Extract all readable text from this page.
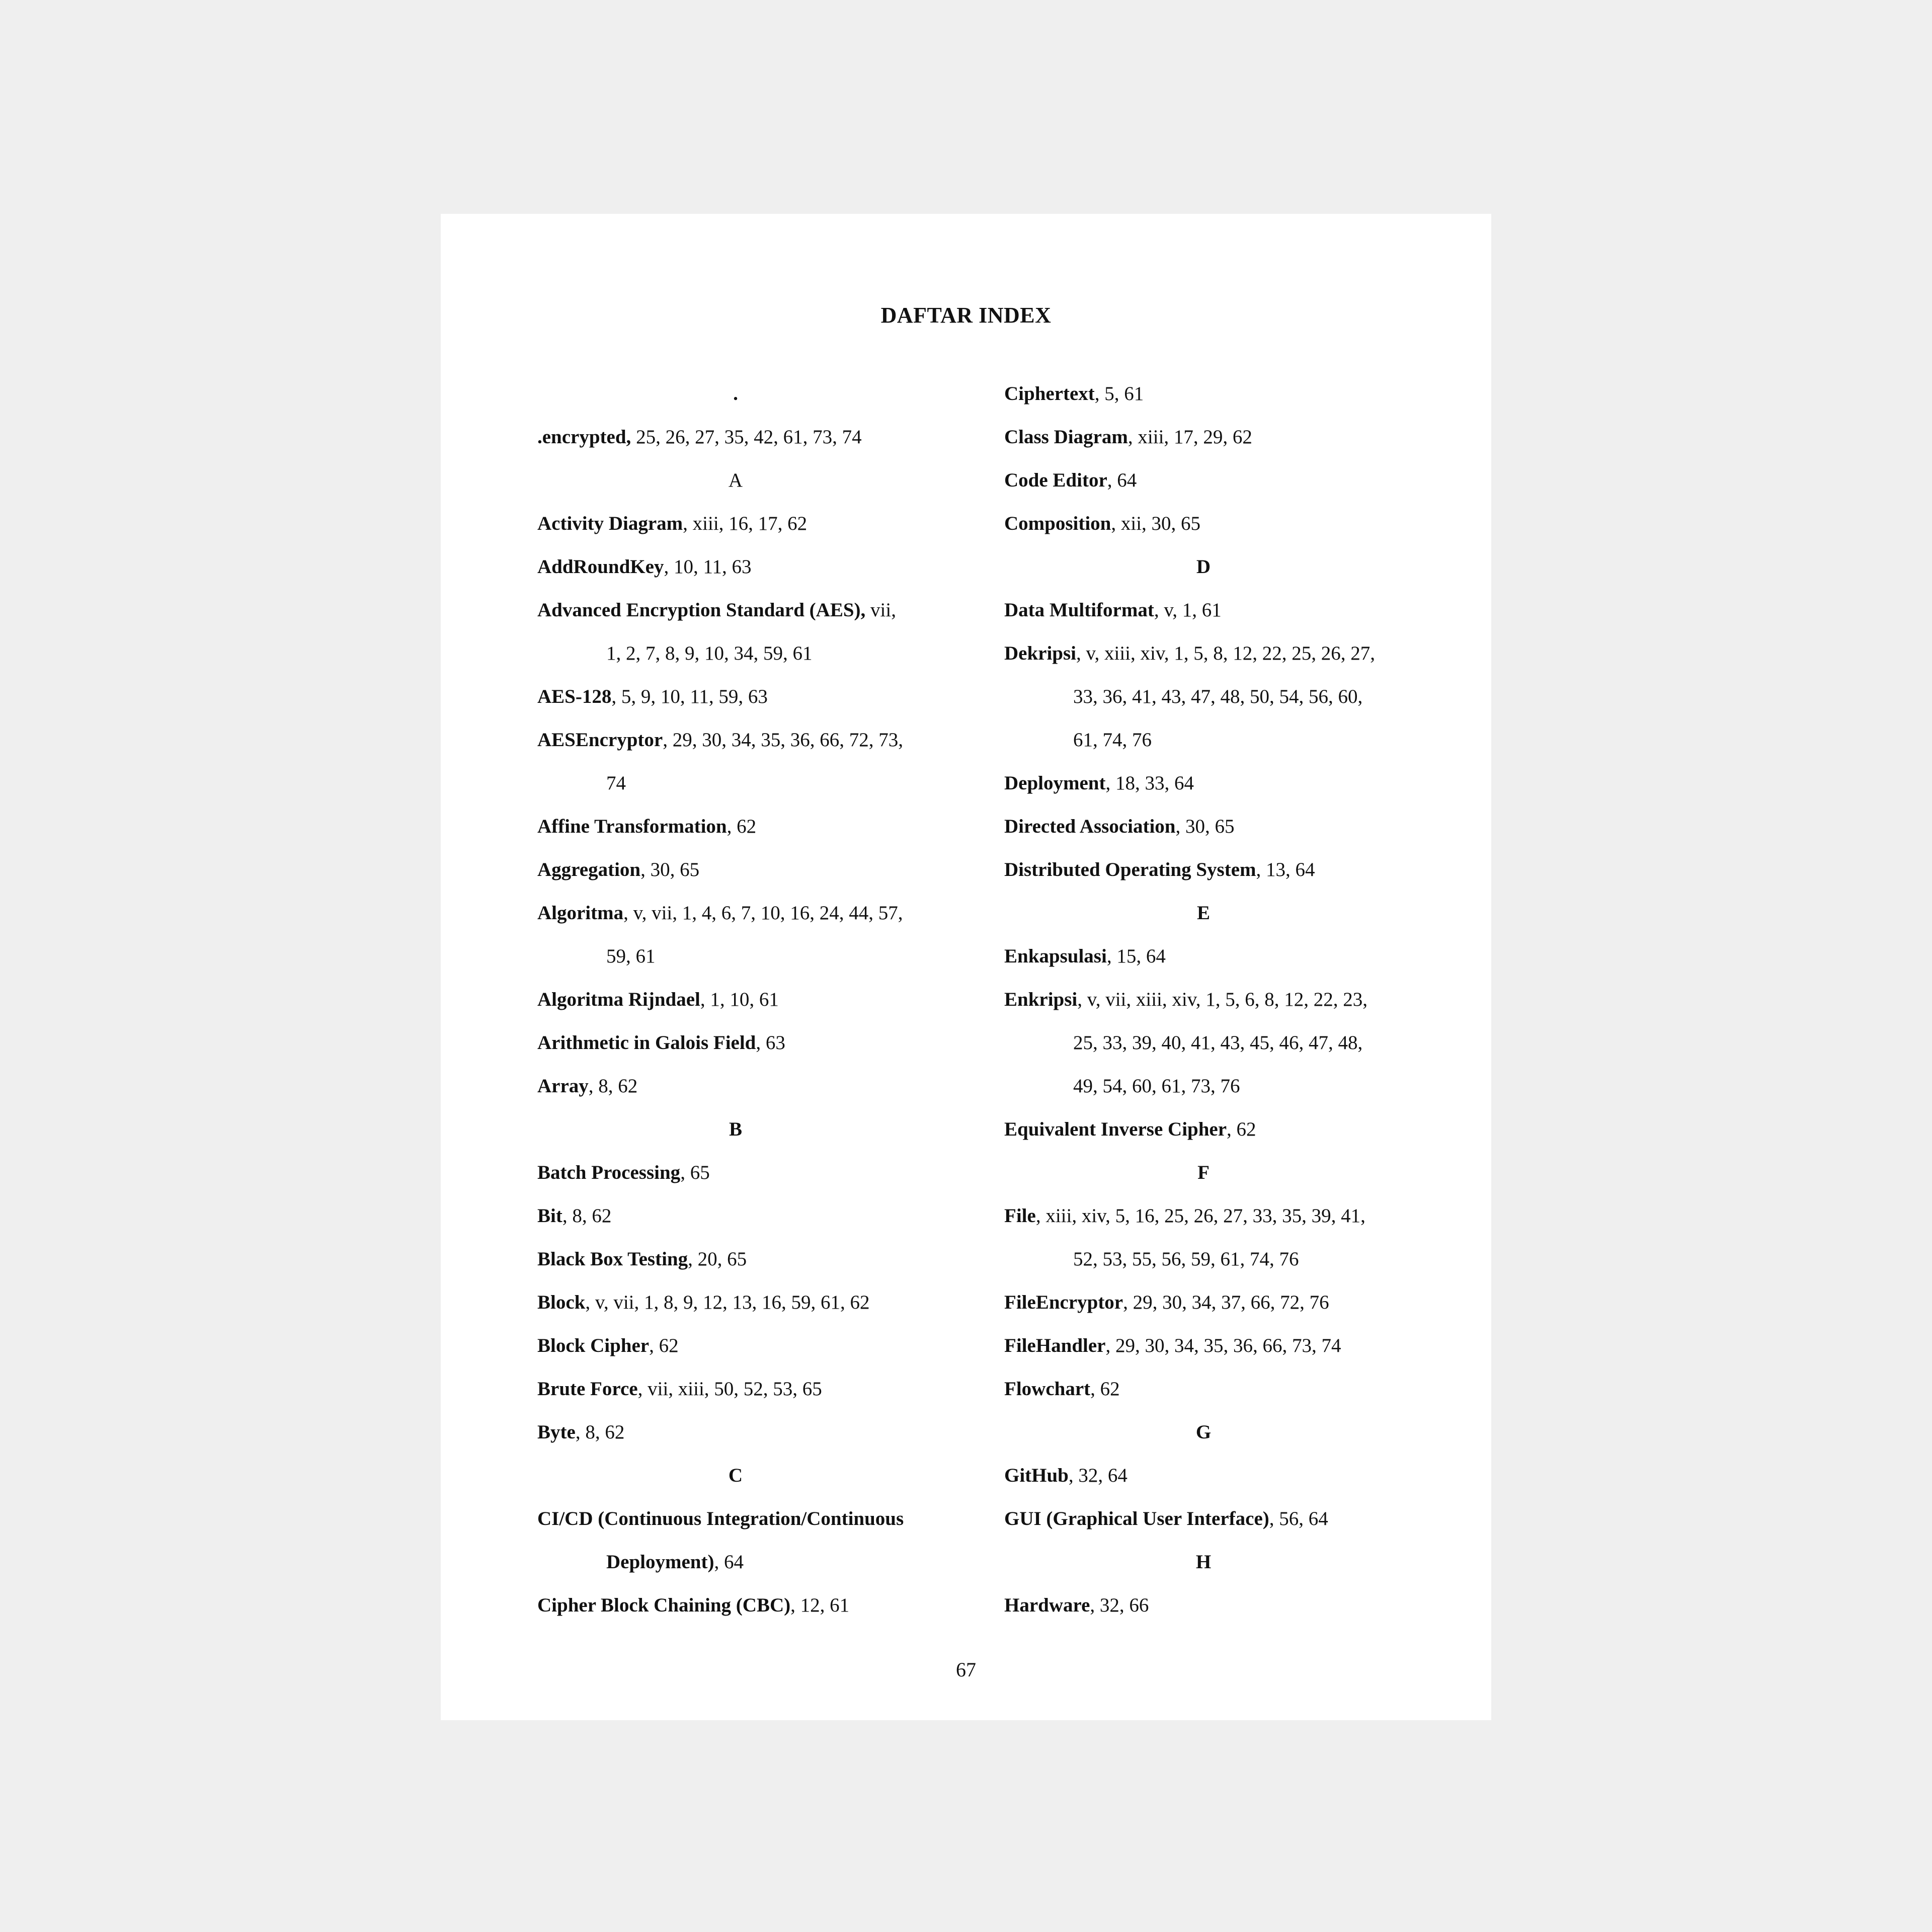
DAFTAR INDEX
.
.encrypted, 25, 26, 27, 35, 42, 61, 73, 74
A
Activity Diagram, xiii, 16, 17, 62
AddRoundKey, 10, 11, 63
Advanced Encryption Standard (AES), vii,
1, 2, 7, 8, 9, 10, 34, 59, 61
AES-128, 5, 9, 10, 11, 59, 63
AESEncryptor, 29, 30, 34, 35, 36, 66, 72, 73,
74
Affine Transformation, 62
Aggregation, 30, 65
Algoritma, v, vii, 1, 4, 6, 7, 10, 16, 24, 44, 57,
59, 61
Algoritma Rijndael, 1, 10, 61
Arithmetic in Galois Field, 63
Array, 8, 62
B
Batch Processing, 65
Bit, 8, 62
Black Box Testing, 20, 65
Block, v, vii, 1, 8, 9, 12, 13, 16, 59, 61, 62
Block Cipher, 62
Brute Force, vii, xiii, 50, 52, 53, 65
Byte, 8, 62
C
CI/CD (Continuous Integration/Continuous
Deployment), 64
Cipher Block Chaining (CBC), 12, 61
Ciphertext, 5, 61
Class Diagram, xiii, 17, 29, 62
Code Editor, 64
Composition, xii, 30, 65
D
Data Multiformat, v, 1, 61
Dekripsi, v, xiii, xiv, 1, 5, 8, 12, 22, 25, 26, 27,
33, 36, 41, 43, 47, 48, 50, 54, 56, 60,
61, 74, 76
Deployment, 18, 33, 64
Directed Association, 30, 65
Distributed Operating System, 13, 64
E
Enkapsulasi, 15, 64
Enkripsi, v, vii, xiii, xiv, 1, 5, 6, 8, 12, 22, 23,
25, 33, 39, 40, 41, 43, 45, 46, 47, 48,
49, 54, 60, 61, 73, 76
Equivalent Inverse Cipher, 62
F
File, xiii, xiv, 5, 16, 25, 26, 27, 33, 35, 39, 41,
52, 53, 55, 56, 59, 61, 74, 76
FileEncryptor, 29, 30, 34, 37, 66, 72, 76
FileHandler, 29, 30, 34, 35, 36, 66, 73, 74
Flowchart, 62
G
GitHub, 32, 64
GUI (Graphical User Interface), 56, 64
H
Hardware, 32, 66
67
